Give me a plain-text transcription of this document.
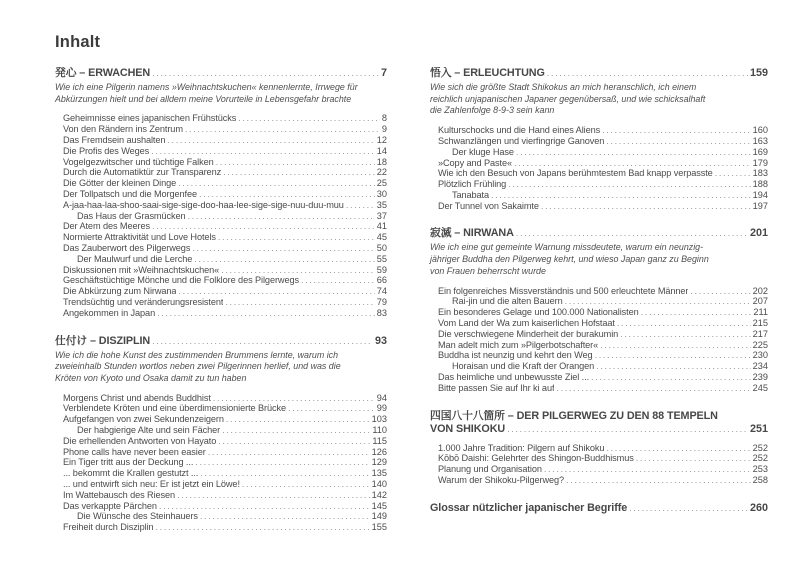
Inhalt
発心 – ERWACHEN .....	7
Wie ich eine Pilgerin namens »Weihnachtskuchen« kennenlernte, Irrwege für
Abkürzungen hielt und bei alldem meine Vorurteile in Lebensgefahr brachte
Geheimnisse eines japanischen Frühstücks .....	8
Von den Rändern ins Zentrum .....	9
Das Fremdsein aushalten .....	12
Die Profis des Weges .....	14
Vogelgezwitscher und tüchtige Falken .....	18
Durch die Automatiktür zur Transparenz .....	22
Die Götter der kleinen Dinge .....	25
Der Tollpatsch und die Morgenfee .....	30
A-jaa-haa-laa-shoo-saai-sige-sige-doo-haa-lee-sige-sige-nuu-duu-muu .....	35
Das Haus der Grasmücken .....	37
Der Atem des Meeres .....	41
Normierte Attraktivität und Love Hotels .....	45
Das Zauberwort des Pilgerwegs .....	50
Der Maulwurf und die Lerche .....	55
Diskussionen mit »Weihnachtskuchen« .....	59
Geschäftstüchtige Mönche und die Folklore des Pilgerwegs .....	66
Die Abkürzung zum Nirwana .....	74
Trendsüchtig und veränderungsresistent .....	79
Angekommen in Japan .....	83
仕付け – DISZIPLIN .....	93
Wie ich die hohe Kunst des zustimmenden Brummens lernte, warum ich
zweieinhalb Stunden wortlos neben zwei Pilgerinnen herlief, und was die
Kröten von Kyoto und Osaka damit zu tun haben
Morgens Christ und abends Buddhist .....	94
Verblendete Kröten und eine überdimensionierte Brücke .....	99
Aufgefangen von zwei Sekundenzeigern .....	103
Der habgierige Alte und sein Fächer .....	110
Die erhellenden Antworten von Hayato .....	115
Phone calls have never been easier .....	126
Ein Tiger tritt aus der Deckung ... .....	129
... bekommt die Krallen gestutzt ... .....	135
... und entwirft sich neu: Er ist jetzt ein Löwe! .....	140
Im Wattebausch des Riesen .....	142
Das verkappte Pärchen .....	145
Die Wünsche des Steinhauers .....	149
Freiheit durch Disziplin .....	155
悟入 – ERLEUCHTUNG .....	159
Wie sich die größte Stadt Shikokus an mich heranschlich, ich einem
reichlich unjapanischen Japaner gegenübersaß, und wie schicksalhaft
die Zahlenfolge 8-9-3 sein kann
Kulturschocks und die Hand eines Aliens .....	160
Schwanzlängen und vierfingrige Ganoven .....	163
Der kluge Hase .....	169
»Copy and Paste« .....	179
Wie ich den Besuch von Japans berühmtestem Bad knapp verpasste .....	183
Plötzlich Frühling .....	188
Tanabata .....	194
Der Tunnel von Sakaimte .....	197
寂滅 – NIRWANA .....	201
Wie ich eine gut gemeinte Warnung missdeutete, warum ein neunzig-
jähriger Buddha den Pilgerweg kehrt, und wieso Japan ganz zu Beginn
von Frauen beherrscht wurde
Ein folgenreiches Missverständnis und 500 erleuchtete Männer .....	202
Rai-jin und die alten Bauern .....	207
Ein besonderes Gelage und 100.000 Nationalisten .....	211
Vom Land der Wa zum kaiserlichen Hofstaat .....	215
Die verschwiegene Minderheit der burakumin .....	217
Man adelt mich zum »Pilgerbotschafter« .....	225
Buddha ist neunzig und kehrt den Weg .....	230
Horaisan und die Kraft der Orangen .....	234
Das heimliche und unbewusste Ziel ... .....	239
Bitte passen Sie auf Ihr ki auf .....	245
四国八十八箇所 – DER PILGERWEG ZU DEN 88 TEMPELN
VON SHIKOKU .....	251
1.000 Jahre Tradition: Pilgern auf Shikoku .....	252
Kōbō Daishi: Gelehrter des Shingon-Buddhismus .....	252
Planung und Organisation .....	253
Warum der Shikoku-Pilgerweg? .....	258
Glossar nützlicher japanischer Begriffe .....	260
